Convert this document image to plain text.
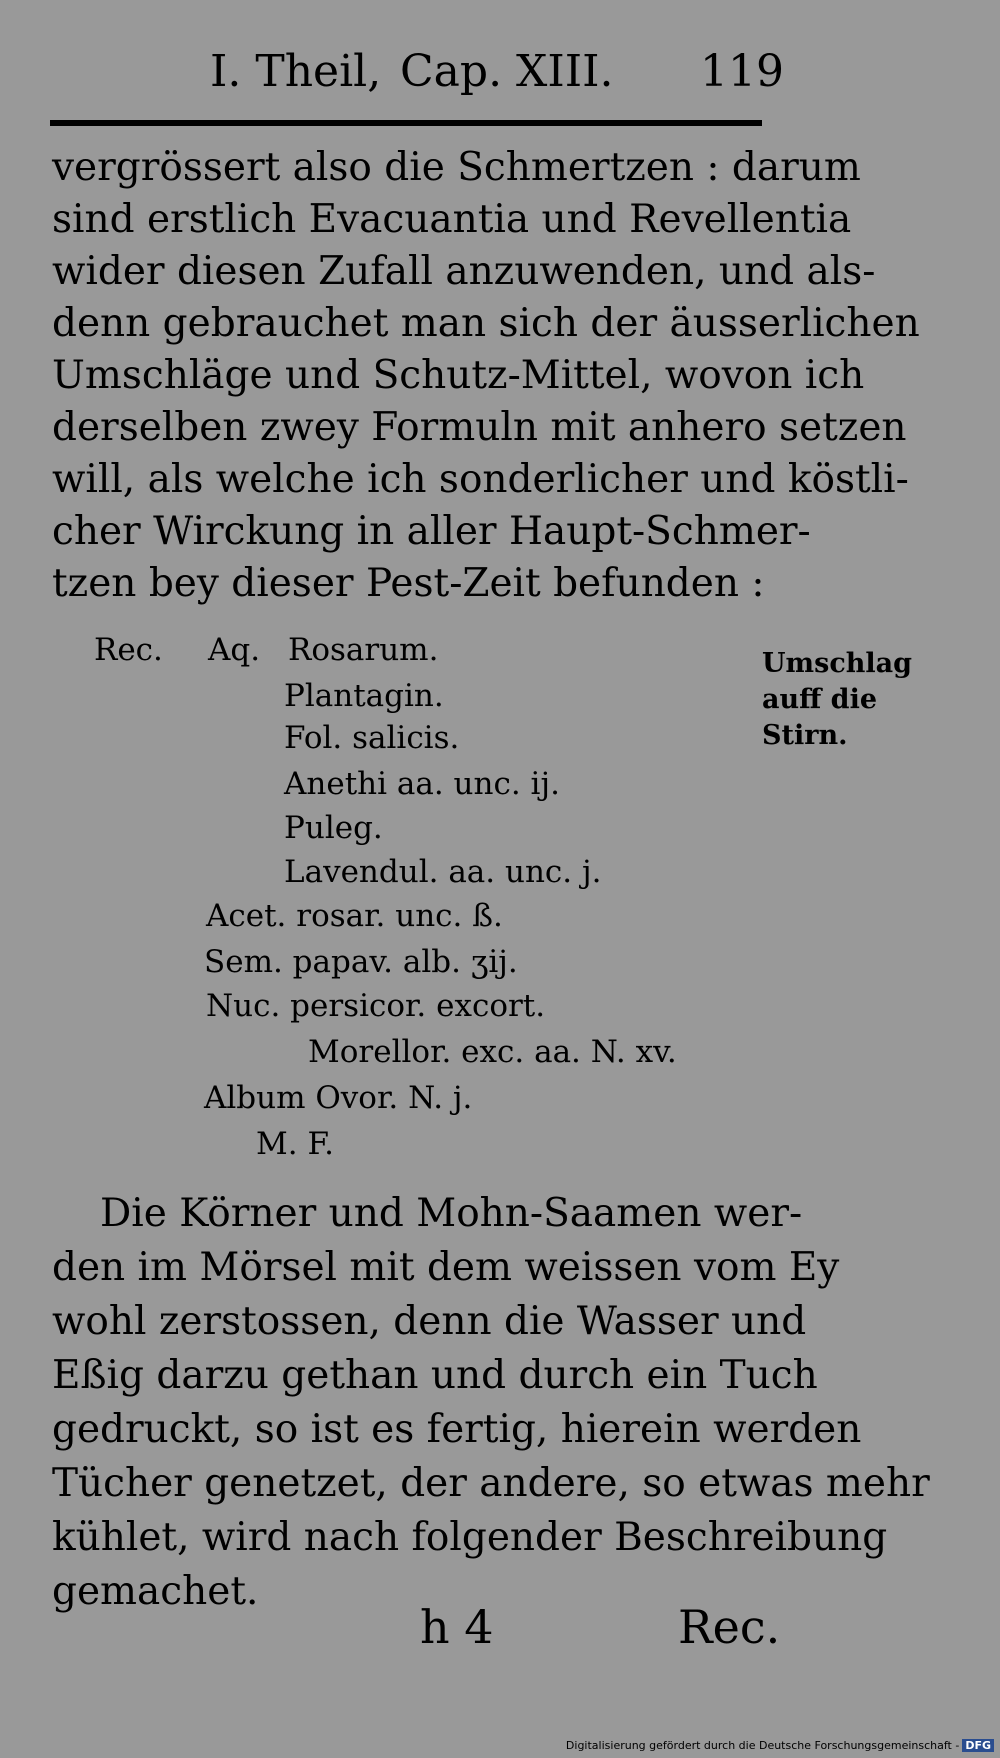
I. Theil, Cap. XIII. 119
vergrössert also die Schmertzen : darum
sind erstlich Evacuantia und Revellentia
wider diesen Zufall anzuwenden, und als-
denn gebrauchet man sich der äusserlichen
Umschläge und Schutz-Mittel, wovon ich
derselben zwey Formuln mit anhero setzen
will, als welche ich sonderlicher und köstli-
cher Wirckung in aller Haupt-Schmer-
tzen bey dieser Pest-Zeit befunden :
Rec. Aq. Rosarum.
Plantagin.
Fol. salicis.
Anethi aa. unc. ij.
Puleg.
Lavendul. aa. unc. j.
Acet. rosar. unc. ß.
Sem. papav. alb. ʒij.
Nuc. persicor. excort.
Morellor. exc. aa. N. xv.
Album Ovor. N. j.
M. F.
Umschlag
auff die
Stirn.
Die Körner und Mohn-Saamen wer-
den im Mörsel mit dem weissen vom Ey
wohl zerstossen, denn die Wasser und
Eßig darzu gethan und durch ein Tuch
gedruckt, so ist es fertig, hierein werden
Tücher genetzet, der andere, so etwas mehr
kühlet, wird nach folgender Beschreibung
gemachet.
h 4	Rec.
Digitalisierung gefördert durch die Deutsche Forschungsgemeinschaft - DFG
